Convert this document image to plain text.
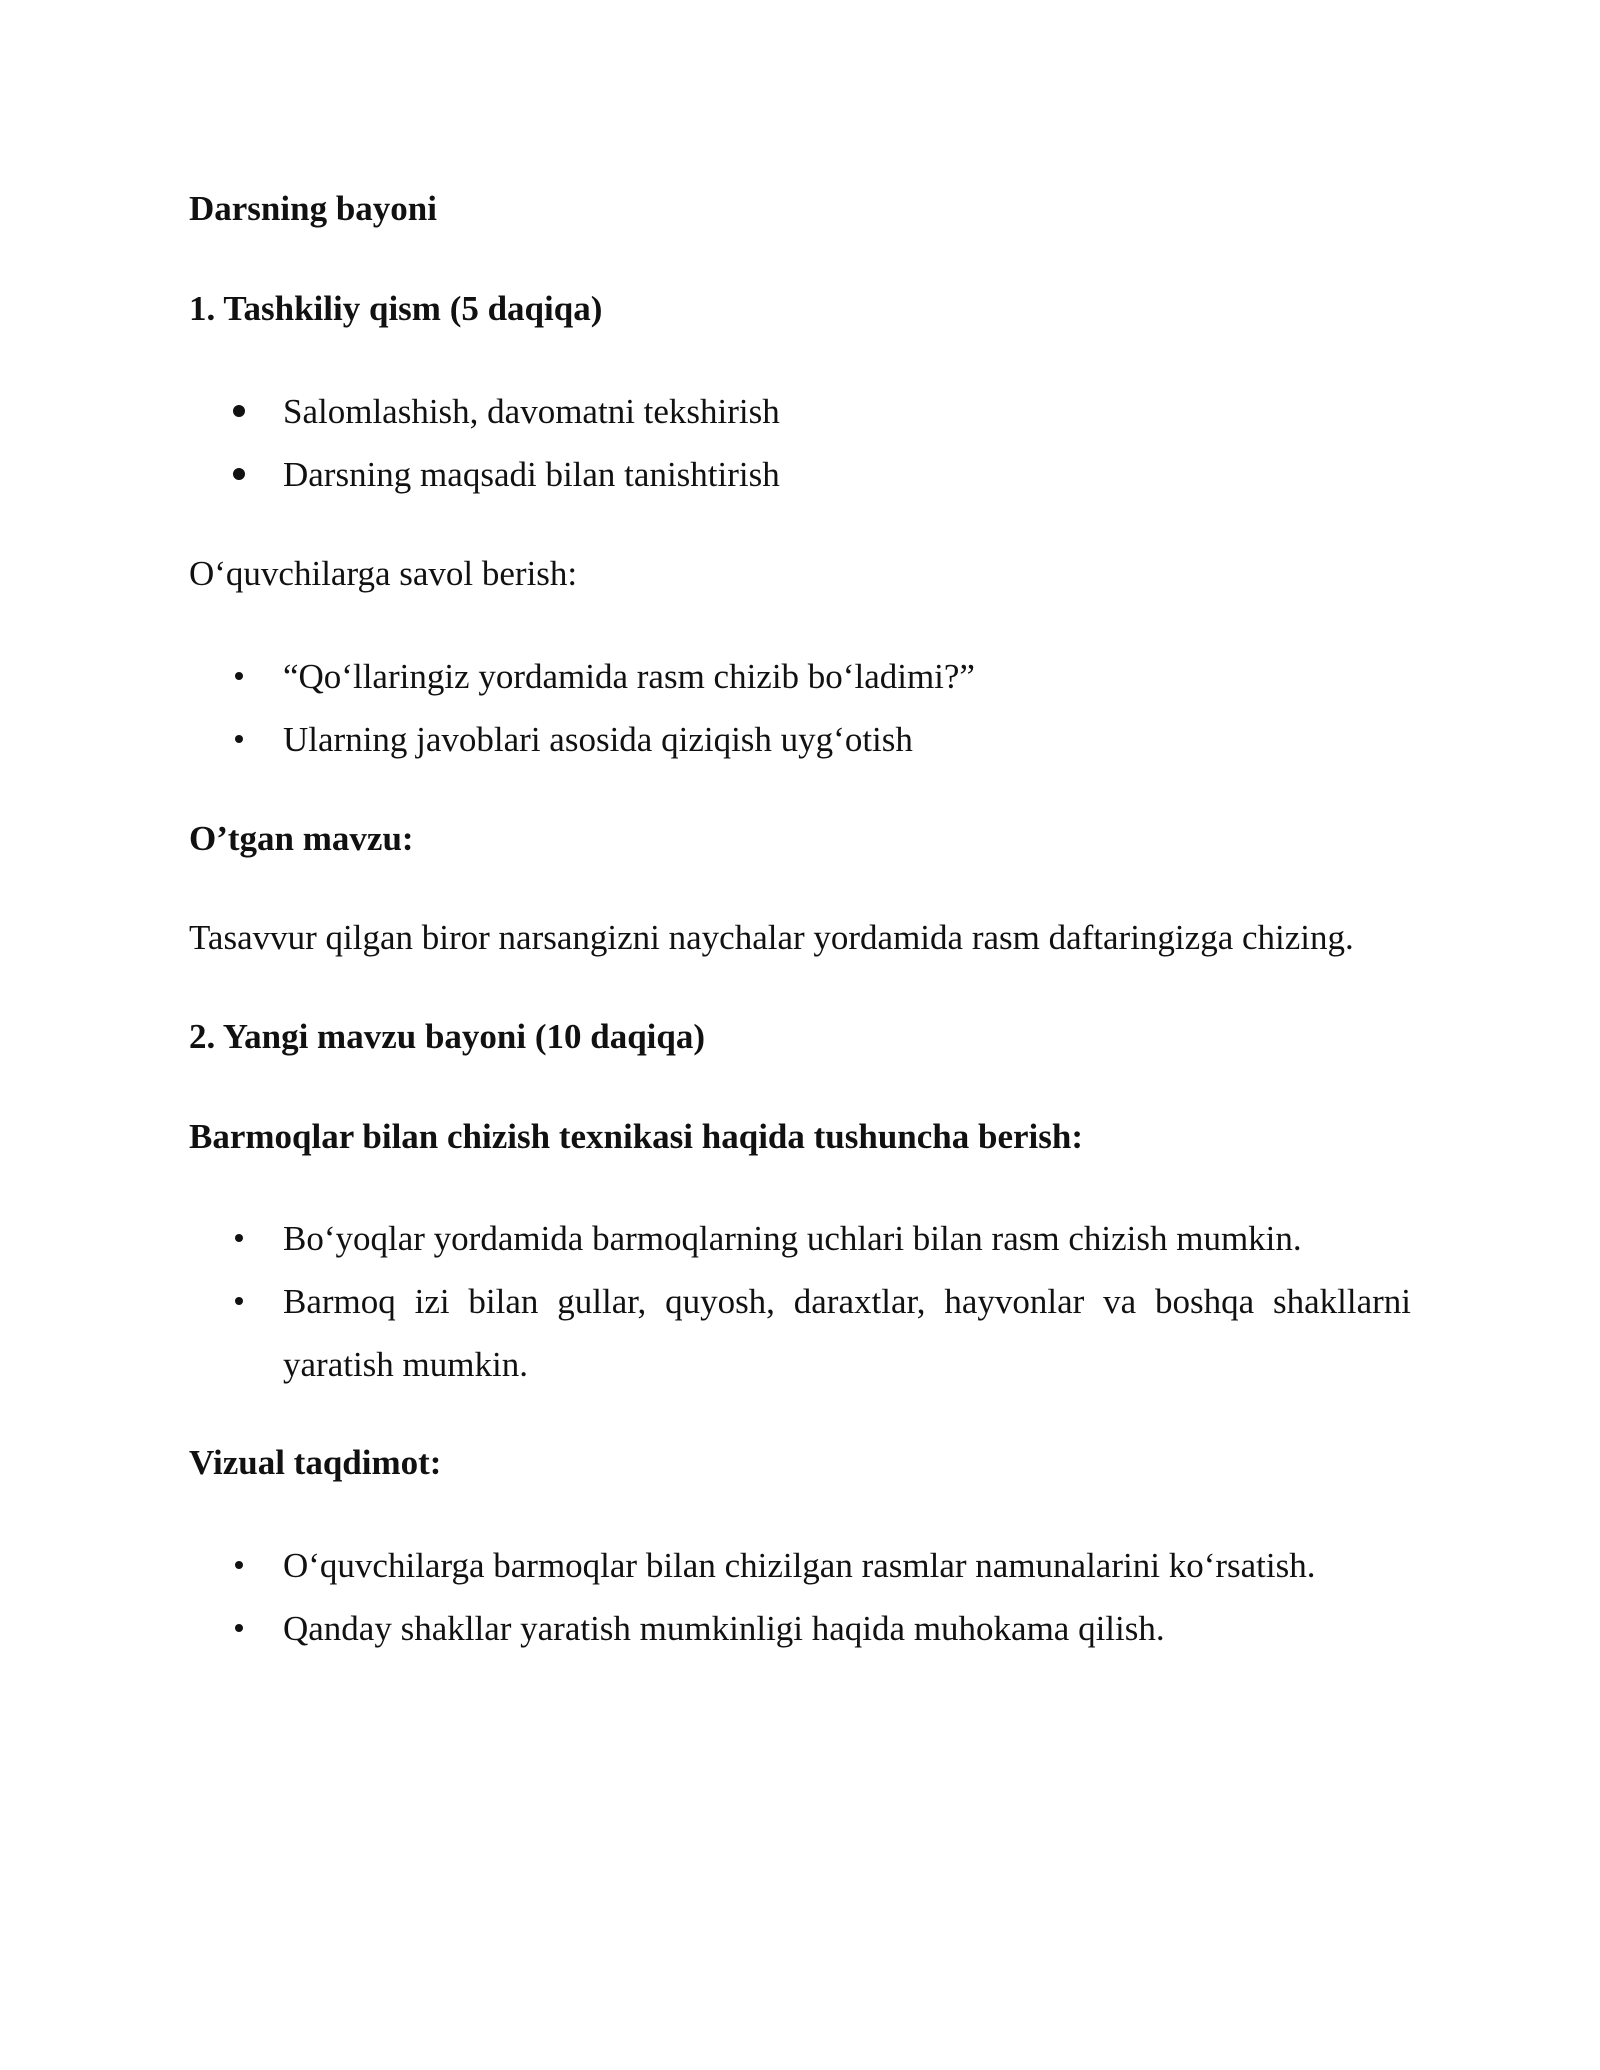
Darsning bayoni

1. Tashkiliy qism (5 daqiqa)

Salomlashish, davomatni tekshirish
Darsning maqsadi bilan tanishtirish

O‘quvchilarga savol berish:

“Qo‘llaringiz yordamida rasm chizib bo‘ladimi?”
Ularning javoblari asosida qiziqish uyg‘otish

O’tgan mavzu:

Tasavvur qilgan biror narsangizni naychalar yordamida rasm daftaringizga chizing.

2. Yangi mavzu bayoni (10 daqiqa)

Barmoqlar bilan chizish texnikasi haqida tushuncha berish:

Bo‘yoqlar yordamida barmoqlarning uchlari bilan rasm chizish mumkin.
Barmoq izi bilan gullar, quyosh, daraxtlar, hayvonlar va boshqa shakllarni yaratish mumkin.

Vizual taqdimot:

O‘quvchilarga barmoqlar bilan chizilgan rasmlar namunalarini ko‘rsatish.
Qanday shakllar yaratish mumkinligi haqida muhokama qilish.
